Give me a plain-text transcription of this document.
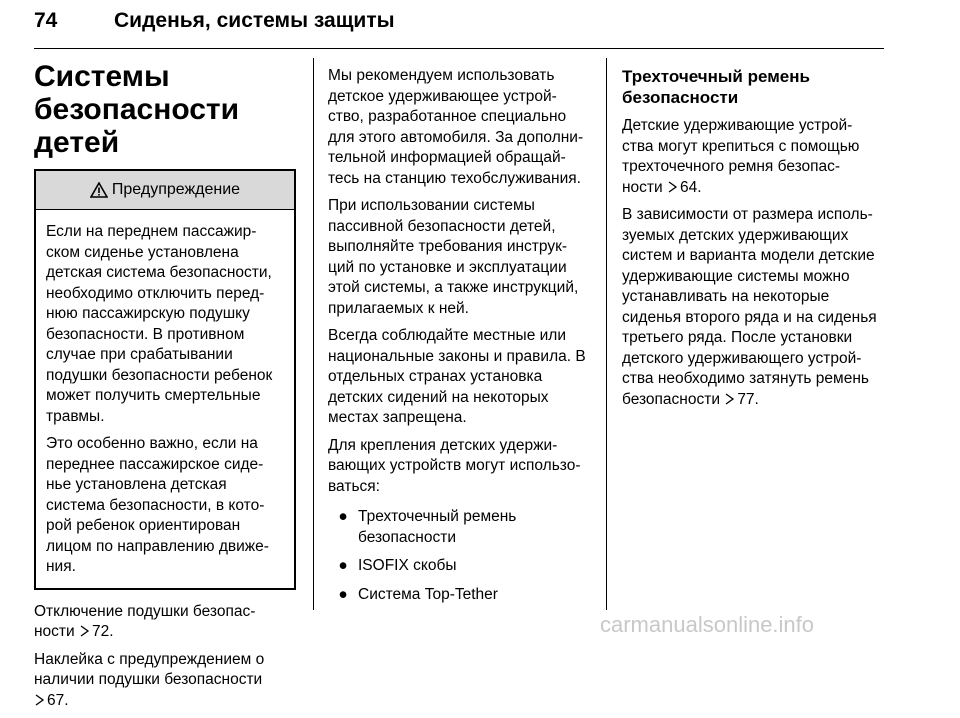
74	Сиденья, системы защиты
Системы
безопасности детей
Предупреждение

Если на переднем пассажир-
ском сиденье установлена
детская система безопасности,
необходимо отключить перед-
нюю пассажирскую подушку
безопасности. В противном
случае при срабатывании
подушки безопасности ребенок
может получить смертельные
травмы.

Это особенно важно, если на
переднее пассажирское сиде-
нье установлена детская
система безопасности, в кото-
рой ребенок ориентирован
лицом по направлению движе-
ния.

Отключение подушки безопас-
ности 72.

Наклейка с предупреждением о
наличии подушки безопасности
67.

Мы рекомендуем использовать
детское удерживающее устрой-
ство, разработанное специально
для этого автомобиля. За дополни-
тельной информацией обращай-
тесь на станцию техобслуживания.

При использовании системы
пассивной безопасности детей,
выполняйте требования инструк-
ций по установке и эксплуатации
этой системы, а также инструкций,
прилагаемых к ней.

Всегда соблюдайте местные или
национальные законы и правила. В
отдельных странах установка
детских сидений на некоторых
местах запрещена.

Для крепления детских удержи-
вающих устройств могут использо-
ваться:

● Трехточечный ремень
безопасности
● ISOFIX скобы
● Система Top-Tether
Трехточечный ремень
безопасности

Детские удерживающие устрой-
ства могут крепиться с помощью
трехточечного ремня безопас-
ности 64.

В зависимости от размера исполь-
зуемых детских удерживающих
систем и варианта модели детские
удерживающие системы можно
устанавливать на некоторые
сиденья второго ряда и на сиденья
третьего ряда. После установки
детского удерживающего устрой-
ства необходимо затянуть ремень
безопасности 77.

carmanualsonline.info
